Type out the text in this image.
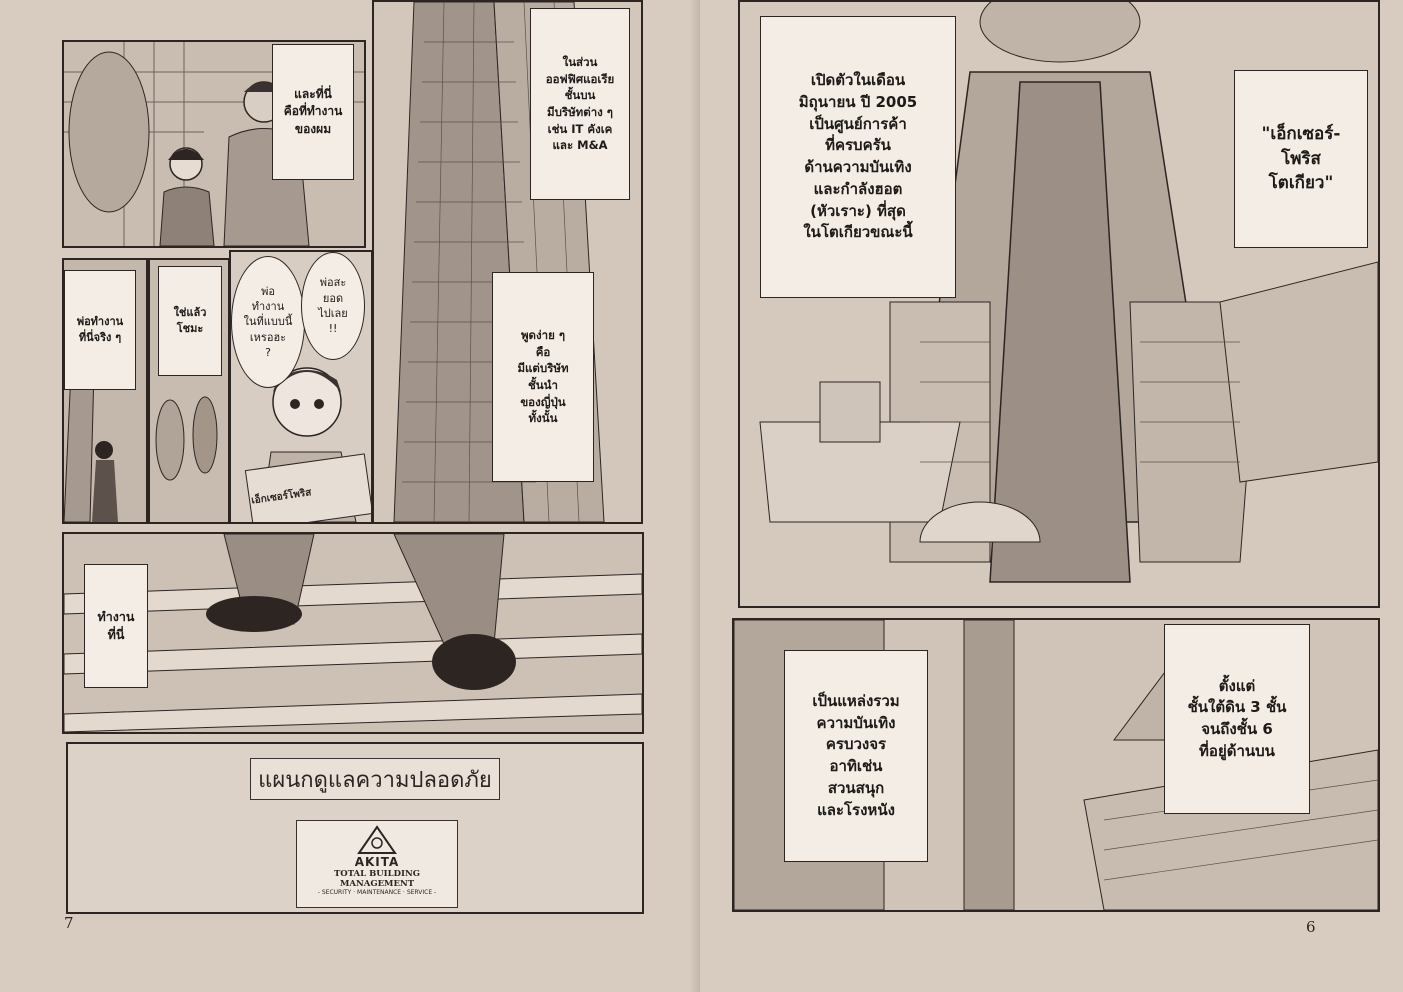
และที่นี่
คือที่ทำงาน
ของผม
ในส่วน
ออฟฟิศแอเรีย
ชั้นบน
มีบริษัทต่าง ๆ
เช่น IT คังเค
และ M&A
พูดง่าย ๆ
คือ
มีแต่บริษัท
ชั้นนำ
ของญี่ปุ่น
ทั้งนั้น
พ่อทำงาน
ที่นี่จริง ๆ
ใช่แล้ว
โชมะ
พ่อ
ทำงาน
ในที่แบบนี้
เหรอฮะ
?
พ่อสะ
ยอด
ไปเลย
!!
เอ็กเซอร์โพริส
ทำงาน
ที่นี่
แผนกดูแลความปลอดภัย
AKITA
TOTAL BUILDING MANAGEMENT
- SECURITY · MAINTENANCE · SERVICE -
7
เปิดตัวในเดือน
มิถุนายน ปี 2005
เป็นศูนย์การค้า
ที่ครบครัน
ด้านความบันเทิง
และกำลังฮอต
(หัวเราะ) ที่สุด
ในโตเกียวขณะนี้
"เอ็กเซอร์-
โพริส
โตเกียว"
เป็นแหล่งรวม
ความบันเทิง
ครบวงจร
อาทิเช่น
สวนสนุก
และโรงหนัง
ตั้งแต่
ชั้นใต้ดิน 3 ชั้น
จนถึงชั้น 6
ที่อยู่ด้านบน
6
